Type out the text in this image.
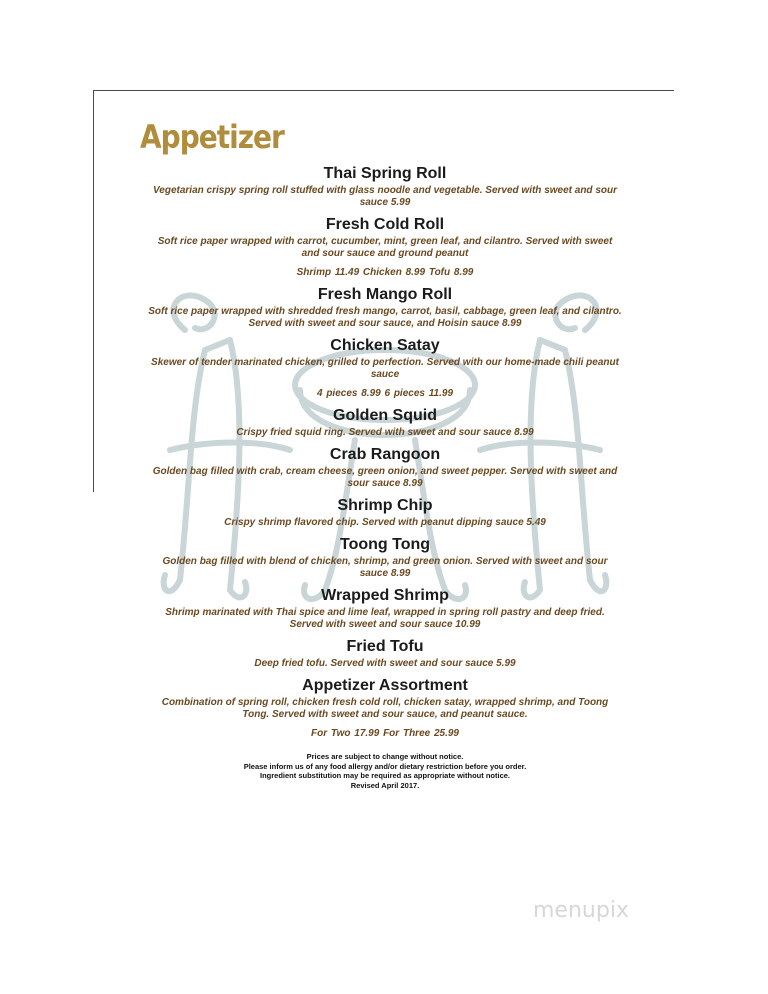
Appetizer
Thai Spring Roll
Vegetarian crispy spring roll stuffed with glass noodle and vegetable. Served with sweet and sour sauce 5.99
Fresh Cold Roll
Soft rice paper wrapped with carrot, cucumber, mint, green leaf, and cilantro. Served with sweet and sour sauce and ground peanut
Shrimp 11.49 Chicken 8.99 Tofu 8.99
Fresh Mango Roll
Soft rice paper wrapped with shredded fresh mango, carrot, basil, cabbage, green leaf, and cilantro. Served with sweet and sour sauce, and Hoisin sauce 8.99
Chicken Satay
Skewer of tender marinated chicken, grilled to perfection. Served with our home-made chili peanut sauce
4 pieces 8.99 6 pieces 11.99
Golden Squid
Crispy fried squid ring. Served with sweet and sour sauce 8.99
Crab Rangoon
Golden bag filled with crab, cream cheese, green onion, and sweet pepper. Served with sweet and sour sauce 8.99
Shrimp Chip
Crispy shrimp flavored chip. Served with peanut dipping sauce 5.49
Toong Tong
Golden bag filled with blend of chicken, shrimp, and green onion. Served with sweet and sour sauce 8.99
Wrapped Shrimp
Shrimp marinated with Thai spice and lime leaf, wrapped in spring roll pastry and deep fried. Served with sweet and sour sauce 10.99
Fried Tofu
Deep fried tofu. Served with sweet and sour sauce 5.99
Appetizer Assortment
Combination of spring roll, chicken fresh cold roll, chicken satay, wrapped shrimp, and Toong Tong. Served with sweet and sour sauce, and peanut sauce.
For Two 17.99 For Three 25.99
Prices are subject to change without notice.
Please inform us of any food allergy and/or dietary restriction before you order.
Ingredient substitution may be required as appropriate without notice.
Revised April 2017.
menupix
